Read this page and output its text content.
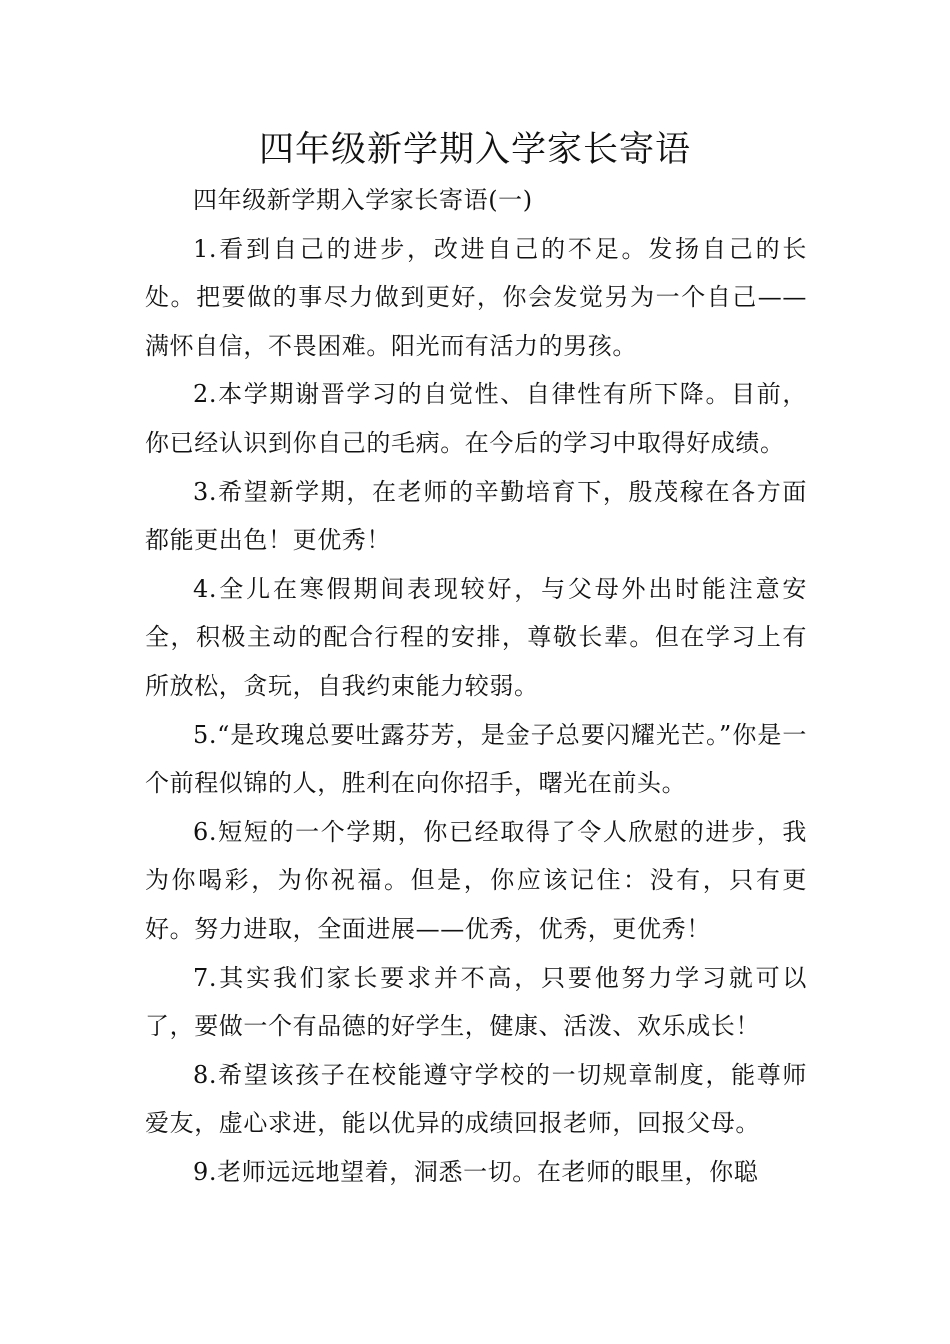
四年级新学期入学家长寄语

四年级新学期入学家长寄语(一)

1.看到自己的进步，改进自己的不足。发扬自己的长处。把要做的事尽力做到更好，你会发觉另为一个自己——满怀自信，不畏困难。阳光而有活力的男孩。

2.本学期谢晋学习的自觉性、自律性有所下降。目前，你已经认识到你自己的毛病。在今后的学习中取得好成绩。

3.希望新学期，在老师的辛勤培育下，殷茂稼在各方面都能更出色！更优秀！

4.全儿在寒假期间表现较好，与父母外出时能注意安全，积极主动的配合行程的安排，尊敬长辈。但在学习上有所放松，贪玩，自我约束能力较弱。

5.“是玫瑰总要吐露芬芳，是金子总要闪耀光芒。”你是一个前程似锦的人，胜利在向你招手，曙光在前头。

6.短短的一个学期，你已经取得了令人欣慰的进步，我为你喝彩，为你祝福。但是，你应该记住：没有，只有更好。努力进取，全面进展——优秀，优秀，更优秀！

7.其实我们家长要求并不高，只要他努力学习就可以了，要做一个有品德的好学生，健康、活泼、欢乐成长！

8.希望该孩子在校能遵守学校的一切规章制度，能尊师爱友，虚心求进，能以优异的成绩回报老师，回报父母。

9.老师远远地望着，洞悉一切。在老师的眼里，你聪
